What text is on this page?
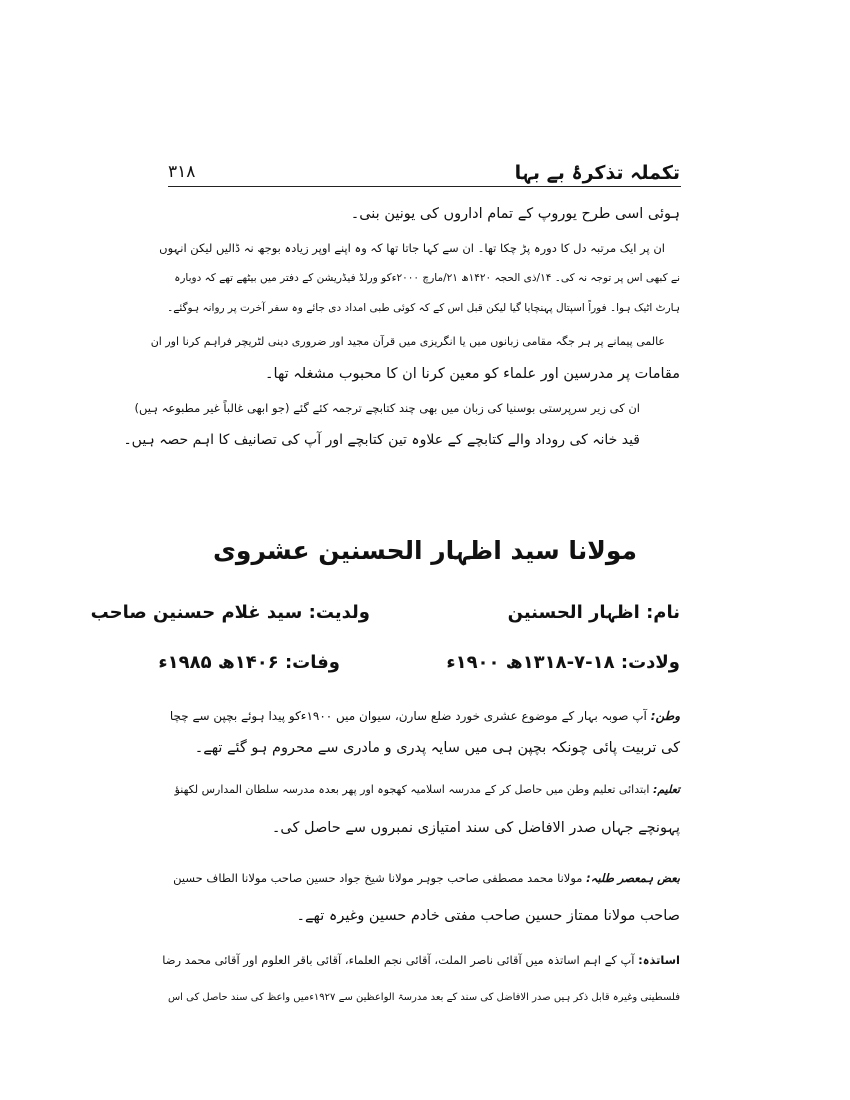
تکملہ تذکرۂ بے بہا
۳۱۸
ہوئی اسی طرح یوروپ کے تمام اداروں کی یونین بنی۔
ان پر ایک مرتبہ دل کا دورہ پڑ چکا تھا۔ ان سے کہا جاتا تھا کہ وہ اپنے اوپر زیادہ بوجھ نہ ڈالیں لیکن انہوں
نے کبھی اس پر توجہ نہ کی۔ ۱۴/ذی الحجہ ۱۴۲۰ھ ۲۱/مارچ ۲۰۰۰ءکو ورلڈ فیڈریشن کے دفتر میں بیٹھے تھے کہ دوبارہ
ہارٹ اٹیک ہوا۔ فوراً اسپتال پہنچایا گیا لیکن قبل اس کے کہ کوئی طبی امداد دی جائے وہ سفر آخرت پر روانہ ہوگئے۔
عالمی پیمانے پر ہر جگہ مقامی زبانوں میں یا انگریزی میں قرآن مجید اور ضروری دینی لٹریچر فراہم کرنا اور ان
مقامات پر مدرسین اور علماء کو معین کرنا ان کا محبوب مشغلہ تھا۔
ان کی زیر سرپرستی بوسنیا کی زبان میں بھی چند کتابچے ترجمہ کئے گئے (جو ابھی غالباً غیر مطبوعہ ہیں)
قید خانہ کی روداد والے کتابچے کے علاوہ تین کتابچے اور آپ کی تصانیف کا اہم حصہ ہیں۔
مولانا سید اظہار الحسنین عشروی
نام: اظہار الحسنین
ولدیت: سید غلام حسنین صاحب
ولادت: ۱۸-۷-۱۳۱۸ھ ۱۹۰۰ء
وفات: ۱۴۰۶ھ ۱۹۸۵ء
وطن: آپ صوبہ بہار کے موضوع عشری خورد ضلع سارن، سیوان میں ۱۹۰۰ءکو پیدا ہوئے بچپن سے چچا
کی تربیت پائی چونکہ بچپن ہی میں سایہ پدری و مادری سے محروم ہو گئے تھے۔
تعلیم: ابتدائی تعلیم وطن میں حاصل کر کے مدرسہ اسلامیہ کھجوہ اور پھر بعدہ مدرسہ سلطان المدارس لکھنؤ
پہونچے جہاں صدر الافاضل کی سند امتیازی نمبروں سے حاصل کی۔
بعض ہمعصر طلبہ: مولانا محمد مصطفی صاحب جوہر مولانا شیخ جواد حسین صاحب مولانا الطاف حسین
صاحب مولانا ممتاز حسین صاحب مفتی خادم حسین وغیرہ تھے۔
اساتذہ: آپ کے اہم اساتذہ میں آقائی ناصر الملت، آقائی نجم العلماء، آقائی باقر العلوم اور آقائی محمد رضا
فلسطینی وغیرہ قابل ذکر ہیں صدر الافاضل کی سند کے بعد مدرسۃ الواعظین سے ۱۹۲۷ءمیں واعظ کی سند حاصل کی اس
